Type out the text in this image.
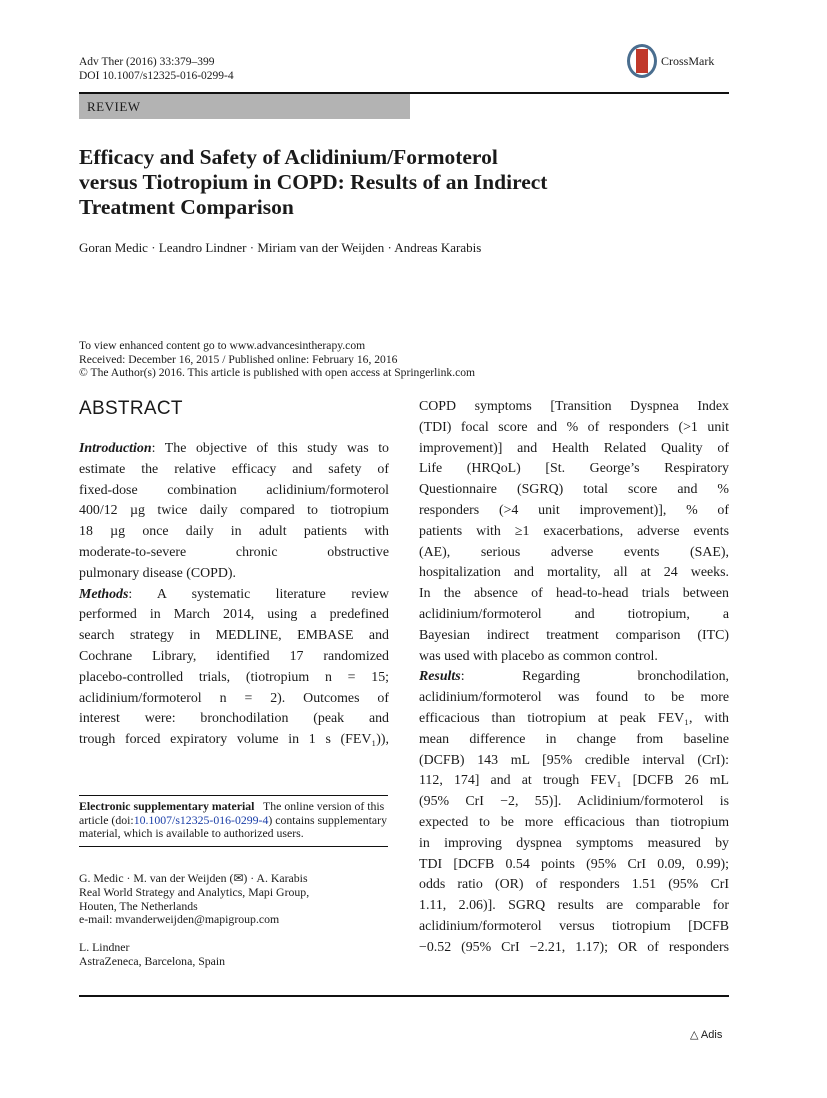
Adv Ther (2016) 33:379–399
DOI 10.1007/s12325-016-0299-4
CrossMark
REVIEW
Efficacy and Safety of Aclidinium/Formoterol
versus Tiotropium in COPD: Results of an Indirect
Treatment Comparison
Goran Medic · Leandro Lindner · Miriam van der Weijden · Andreas Karabis
To view enhanced content go to www.advancesintherapy.com
Received: December 16, 2015 / Published online: February 16, 2016
© The Author(s) 2016. This article is published with open access at Springerlink.com
ABSTRACT
Introduction: The objective of this study was to
estimate the relative efficacy and safety of
fixed-dose combination aclidinium/formoterol
400/12 µg twice daily compared to tiotropium
18 µg once daily in adult patients with
moderate-to-severe chronic obstructive
pulmonary disease (COPD).
Methods: A systematic literature review
performed in March 2014, using a predefined
search strategy in MEDLINE, EMBASE and
Cochrane Library, identified 17 randomized
placebo-controlled trials, (tiotropium n = 15;
aclidinium/formoterol n = 2). Outcomes of
interest were: bronchodilation (peak and
trough forced expiratory volume in 1 s (FEV₁)),
COPD symptoms [Transition Dyspnea Index
(TDI) focal score and % of responders (>1 unit
improvement)] and Health Related Quality of
Life (HRQoL) [St. George’s Respiratory
Questionnaire (SGRQ) total score and %
responders (>4 unit improvement)], % of
patients with ≥1 exacerbations, adverse events
(AE), serious adverse events (SAE),
hospitalization and mortality, all at 24 weeks.
In the absence of head-to-head trials between
aclidinium/formoterol and tiotropium, a
Bayesian indirect treatment comparison (ITC)
was used with placebo as common control.
Results: Regarding bronchodilation,
aclidinium/formoterol was found to be more
efficacious than tiotropium at peak FEV₁, with
mean difference in change from baseline
(DCFB) 143 mL [95% credible interval (CrI):
112, 174] and at trough FEV₁ [DCFB 26 mL
(95% CrI −2, 55)]. Aclidinium/formoterol is
expected to be more efficacious than tiotropium
in improving dyspnea symptoms measured by
TDI [DCFB 0.54 points (95% CrI 0.09, 0.99);
odds ratio (OR) of responders 1.51 (95% CrI
1.11, 2.06)]. SGRQ results are comparable for
aclidinium/formoterol versus tiotropium [DCFB
−0.52 (95% CrI −2.21, 1.17); OR of responders
Electronic supplementary material The online version of this article (doi:10.1007/s12325-016-0299-4) contains supplementary material, which is available to authorized users.
G. Medic · M. van der Weijden (✉) · A. Karabis
Real World Strategy and Analytics, Mapi Group,
Houten, The Netherlands
e-mail: mvanderweijden@mapigroup.com
L. Lindner
AstraZeneca, Barcelona, Spain
△ Adis
